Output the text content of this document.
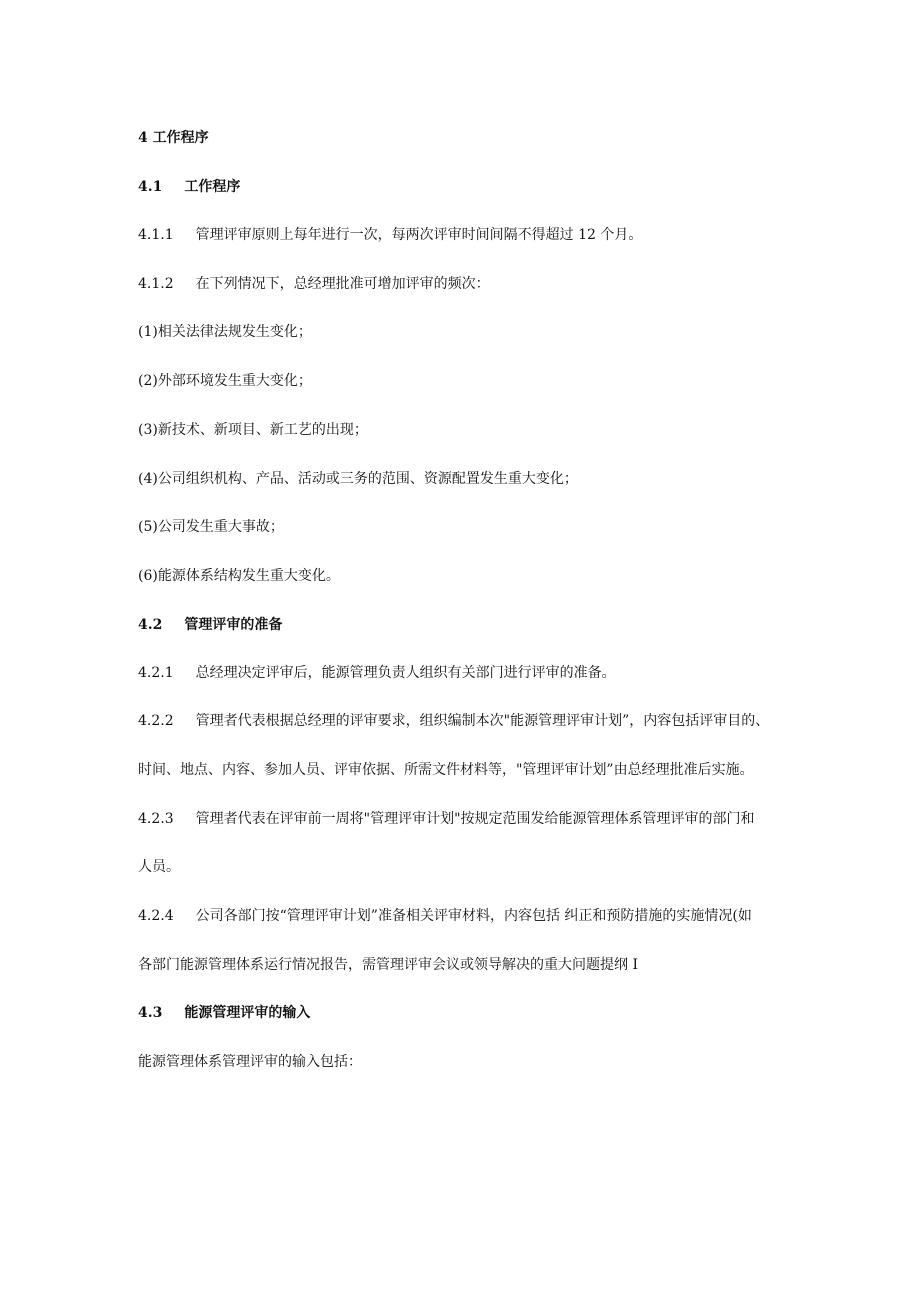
4 工作程序
4.1 工作程序
4.1.1 管理评审原则上每年进行一次，每两次评审时间间隔不得超过 12 个月。
4.1.2 在下列情况下，总经理批准可增加评审的频次：
(1)相关法律法规发生变化；
(2)外部环境发生重大变化；
(3)新技术、新项目、新工艺的出现；
(4)公司组织机构、产品、活动或三务的范围、资源配置发生重大变化；
(5)公司发生重大事故；
(6)能源体系结构发生重大变化。
4.2 管理评审的准备
4.2.1 总经理决定评审后，能源管理负责人组织有关部门进行评审的准备。
4.2.2 管理者代表根据总经理的评审要求，组织编制本次"能源管理评审计划”，内容包括评审目的、
时间、地点、内容、参加人员、评审依据、所需文件材料等，"管理评审计划”由总经理批准后实施。
4.2.3 管理者代表在评审前一周将"管理评审计划"按规定范围发给能源管理体系管理评审的部门和
人员。
4.2.4 公司各部门按“管理评审计划”准备相关评审材料，内容包括 纠正和预防措施的实施情况(如
各部门能源管理体系运行情况报告，需管理评审会议或领导解决的重大问题提纲 I
4.3 能源管理评审的输入
能源管理体系管理评审的输入包括：
